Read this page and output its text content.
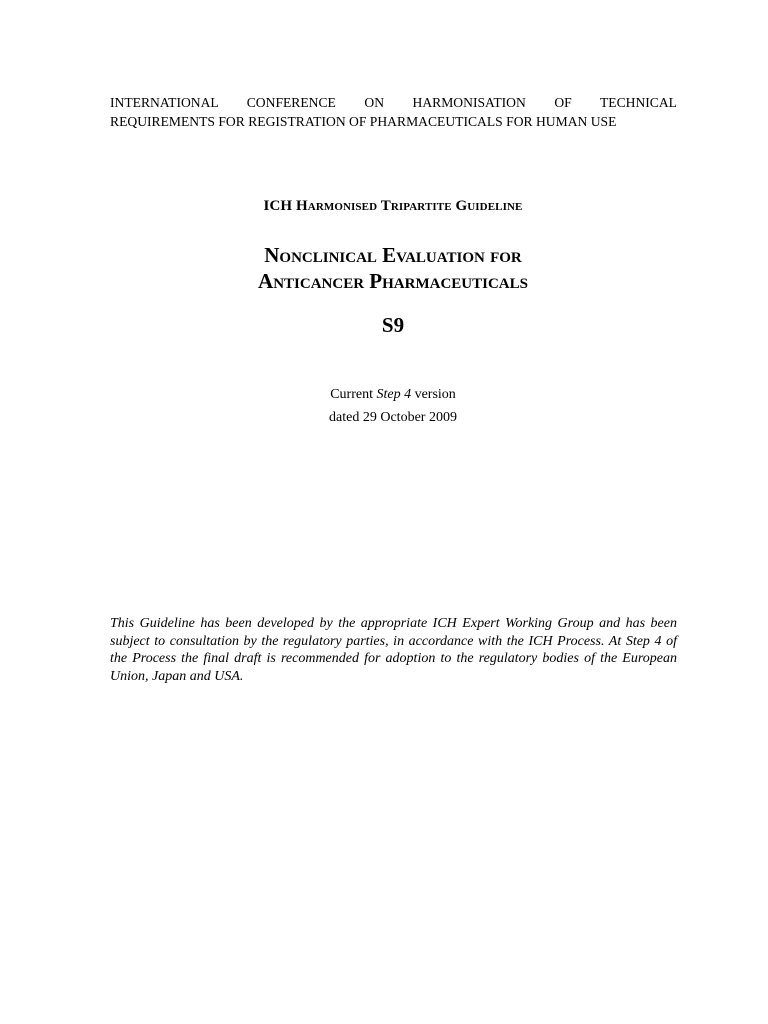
INTERNATIONAL CONFERENCE ON HARMONISATION OF TECHNICAL
REQUIREMENTS FOR REGISTRATION OF PHARMACEUTICALS FOR HUMAN USE
ICH Harmonised Tripartite Guideline
Nonclinical Evaluation for
Anticancer Pharmaceuticals
S9
Current Step 4 version
dated 29 October 2009
This Guideline has been developed by the appropriate ICH Expert Working Group and has been subject to consultation by the regulatory parties, in accordance with the ICH Process. At Step 4 of the Process the final draft is recommended for adoption to the regulatory bodies of the European Union, Japan and USA.
